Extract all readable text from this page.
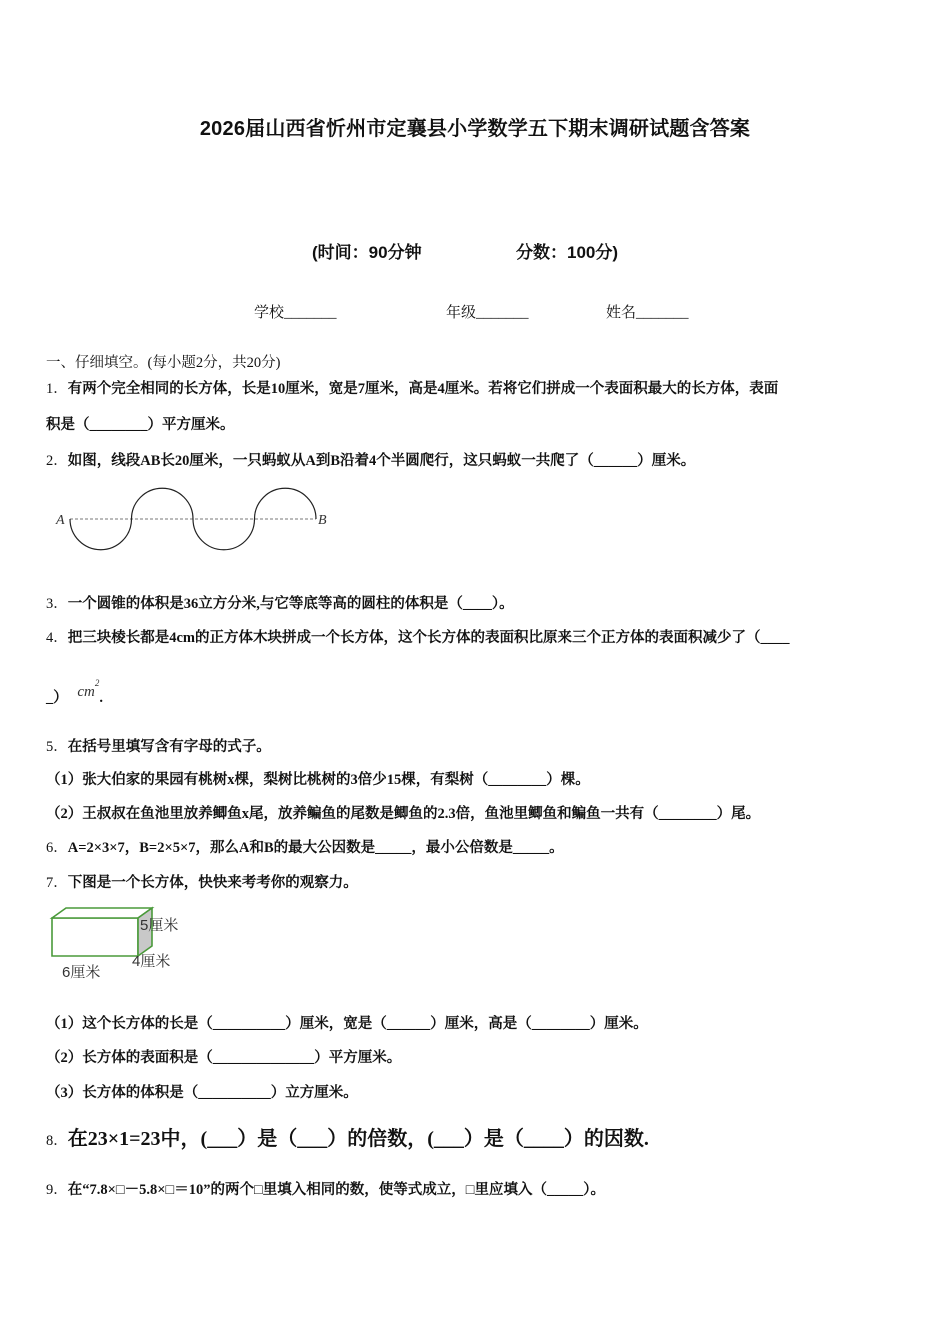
2026届山西省忻州市定襄县小学数学五下期末调研试题含答案
(时间：90分钟	分数：100分)
学校_______	年级_______	姓名_______
一、仔细填空。(每小题2分，共20分)
1．有两个完全相同的长方体，长是10厘米，宽是7厘米，高是4厘米。若将它们拼成一个表面积最大的长方体，表面
积是（________）平方厘米。
2．如图，线段AB长20厘米，一只蚂蚁从A到B沿着4个半圆爬行，这只蚂蚁一共爬了（______）厘米。
A	B
3．一个圆锥的体积是36立方分米,与它等底等高的圆柱的体积是（____）。
4．把三块棱长都是4cm的正方体木块拼成一个长方体，这个长方体的表面积比原来三个正方体的表面积减少了（____
_） $cm^2$.
5．在括号里填写含有字母的式子。
（1）张大伯家的果园有桃树x棵，梨树比桃树的3倍少15棵，有梨树（________）棵。
（2）王叔叔在鱼池里放养鲫鱼x尾，放养鳊鱼的尾数是鲫鱼的2.3倍，鱼池里鲫鱼和鳊鱼一共有（________）尾。
6．A=2×3×7，B=2×5×7，那么A和B的最大公因数是_____，最小公倍数是_____。
7．下图是一个长方体，快快来考考你的观察力。
5厘米
4厘米
6厘米
（1）这个长方体的长是（__________）厘米，宽是（______）厘米，高是（________）厘米。
（2）长方体的表面积是（______________）平方厘米。
（3）长方体的体积是（__________）立方厘米。
8．在23×1=23中，(___）是（___）的倍数，(___）是（____）的因数.
9．在“7.8×□－5.8×□＝10”的两个□里填入相同的数，使等式成立，□里应填入（_____）。
